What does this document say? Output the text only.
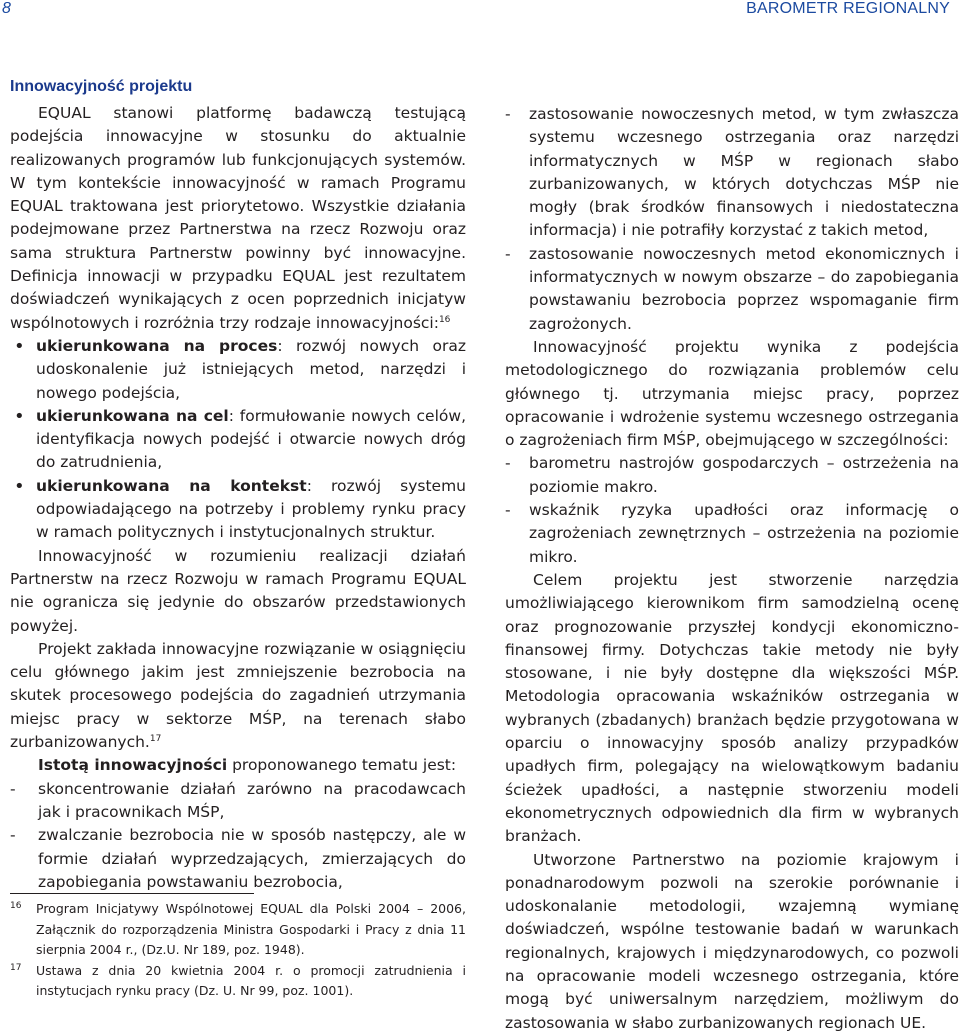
8	BAROMETR REGIONALNY
Innowacyjność projektu

EQUAL stanowi platformę badawczą testującą podejścia innowacyjne w stosunku do aktualnie realizowanych programów lub funkcjonujących systemów. W tym kontekście innowacyjność w ramach Programu EQUAL traktowana jest priorytetowo. Wszystkie działania podejmowane przez Partnerstwa na rzecz Rozwoju oraz sama struktura Partnerstw powinny być innowacyjne. Definicja innowacji w przypadku EQUAL jest rezultatem doświadczeń wynikających z ocen poprzednich inicjatyw wspólnotowych i rozróżnia trzy rodzaje innowacyjności:$^{16}$

• ukierunkowana na proces: rozwój nowych oraz udoskonalenie już istniejących metod, narzędzi i nowego podejścia,
• ukierunkowana na cel: formułowanie nowych celów, identyfikacja nowych podejść i otwarcie nowych dróg do zatrudnienia,
• ukierunkowana na kontekst: rozwój systemu odpowiadającego na potrzeby i problemy rynku pracy w ramach politycznych i instytucjonalnych struktur.

Innowacyjność w rozumieniu realizacji działań Partnerstw na rzecz Rozwoju w ramach Programu EQUAL nie ogranicza się jedynie do obszarów przedstawionych powyżej.

Projekt zakłada innowacyjne rozwiązanie w osiągnięciu celu głównego jakim jest zmniejszenie bezrobocia na skutek procesowego podejścia do zagadnień utrzymania miejsc pracy w sektorze MŚP, na terenach słabo zurbanizowanych.$^{17}$

Istotą innowacyjności proponowanego tematu jest:

- skoncentrowanie działań zarówno na pracodawcach jak i pracownikach MŚP,
- zwalczanie bezrobocia nie w sposób następczy, ale w formie działań wyprzedzających, zmierzających do zapobiegania powstawaniu bezrobocia,
16 Program Inicjatywy Wspólnotowej EQUAL dla Polski 2004 – 2006, Załącznik do rozporządzenia Ministra Gospodarki i Pracy z dnia 11 sierpnia 2004 r., (Dz.U. Nr 189, poz. 1948).
17 Ustawa z dnia 20 kwietnia 2004 r. o promocji zatrudnienia i instytucjach rynku pracy (Dz. U. Nr 99, poz. 1001).
- zastosowanie nowoczesnych metod, w tym zwłaszcza systemu wczesnego ostrzegania oraz narzędzi informatycznych w MŚP w regionach słabo zurbanizowanych, w których dotychczas MŚP nie mogły (brak środków finansowych i niedostateczna informacja) i nie potrafiły korzystać z takich metod,
- zastosowanie nowoczesnych metod ekonomicznych i informatycznych w nowym obszarze – do zapobiegania powstawaniu bezrobocia poprzez wspomaganie firm zagrożonych.

Innowacyjność projektu wynika z podejścia metodologicznego do rozwiązania problemów celu głównego tj. utrzymania miejsc pracy, poprzez opracowanie i wdrożenie systemu wczesnego ostrzegania o zagrożeniach firm MŚP, obejmującego w szczególności:

- barometru nastrojów gospodarczych – ostrzeżenia na poziomie makro.
- wskaźnik ryzyka upadłości oraz informację o zagrożeniach zewnętrznych – ostrzeżenia na poziomie mikro.

Celem projektu jest stworzenie narzędzia umożliwiającego kierownikom firm samodzielną ocenę oraz prognozowanie przyszłej kondycji ekonomiczno-finansowej firmy. Dotychczas takie metody nie były stosowane, i nie były dostępne dla większości MŚP. Metodologia opracowania wskaźników ostrzegania w wybranych (zbadanych) branżach będzie przygotowana w oparciu o innowacyjny sposób analizy przypadków upadłych firm, polegający na wielowątkowym badaniu ścieżek upadłości, a następnie stworzeniu modeli ekonometrycznych odpowiednich dla firm w wybranych branżach.

Utworzone Partnerstwo na poziomie krajowym i ponadnarodowym pozwoli na szerokie porównanie i udoskonalanie metodologii, wzajemną wymianę doświadczeń, wspólne testowanie badań w warunkach regionalnych, krajowych i międzynarodowych, co pozwoli na opracowanie modeli wczesnego ostrzegania, które mogą być uniwersalnym narzędziem, możliwym do zastosowania w słabo zurbanizowanych regionach UE.
